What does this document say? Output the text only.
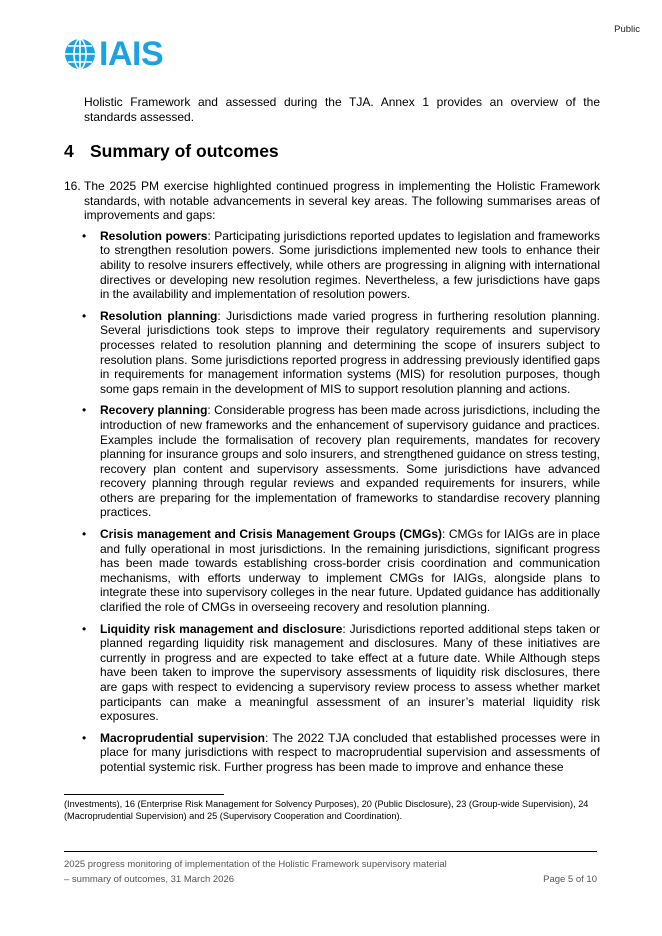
Public
IAIS
Holistic Framework and assessed during the TJA. Annex 1 provides an overview of the standards assessed.
4 Summary of outcomes
16. The 2025 PM exercise highlighted continued progress in implementing the Holistic Framework standards, with notable advancements in several key areas. The following summarises areas of improvements and gaps:
•	Resolution powers: Participating jurisdictions reported updates to legislation and frameworks to strengthen resolution powers. Some jurisdictions implemented new tools to enhance their ability to resolve insurers effectively, while others are progressing in aligning with international directives or developing new resolution regimes. Nevertheless, a few jurisdictions have gaps in the availability and implementation of resolution powers.
•	Resolution planning: Jurisdictions made varied progress in furthering resolution planning. Several jurisdictions took steps to improve their regulatory requirements and supervisory processes related to resolution planning and determining the scope of insurers subject to resolution plans. Some jurisdictions reported progress in addressing previously identified gaps in requirements for management information systems (MIS) for resolution purposes, though some gaps remain in the development of MIS to support resolution planning and actions.
•	Recovery planning: Considerable progress has been made across jurisdictions, including the introduction of new frameworks and the enhancement of supervisory guidance and practices. Examples include the formalisation of recovery plan requirements, mandates for recovery planning for insurance groups and solo insurers, and strengthened guidance on stress testing, recovery plan content and supervisory assessments. Some jurisdictions have advanced recovery planning through regular reviews and expanded requirements for insurers, while others are preparing for the implementation of frameworks to standardise recovery planning practices.
•	Crisis management and Crisis Management Groups (CMGs): CMGs for IAIGs are in place and fully operational in most jurisdictions. In the remaining jurisdictions, significant progress has been made towards establishing cross-border crisis coordination and communication mechanisms, with efforts underway to implement CMGs for IAIGs, alongside plans to integrate these into supervisory colleges in the near future. Updated guidance has additionally clarified the role of CMGs in overseeing recovery and resolution planning.
•	Liquidity risk management and disclosure: Jurisdictions reported additional steps taken or planned regarding liquidity risk management and disclosures. Many of these initiatives are currently in progress and are expected to take effect at a future date. While Although steps have been taken to improve the supervisory assessments of liquidity risk disclosures, there are gaps with respect to evidencing a supervisory review process to assess whether market participants can make a meaningful assessment of an insurer’s material liquidity risk exposures.
•	Macroprudential supervision: The 2022 TJA concluded that established processes were in place for many jurisdictions with respect to macroprudential supervision and assessments of potential systemic risk. Further progress has been made to improve and enhance these
(Investments), 16 (Enterprise Risk Management for Solvency Purposes), 20 (Public Disclosure), 23 (Group-wide Supervision), 24 (Macroprudential Supervision) and 25 (Supervisory Cooperation and Coordination).
2025 progress monitoring of implementation of the Holistic Framework supervisory material
– summary of outcomes, 31 March 2026	Page 5 of 10
